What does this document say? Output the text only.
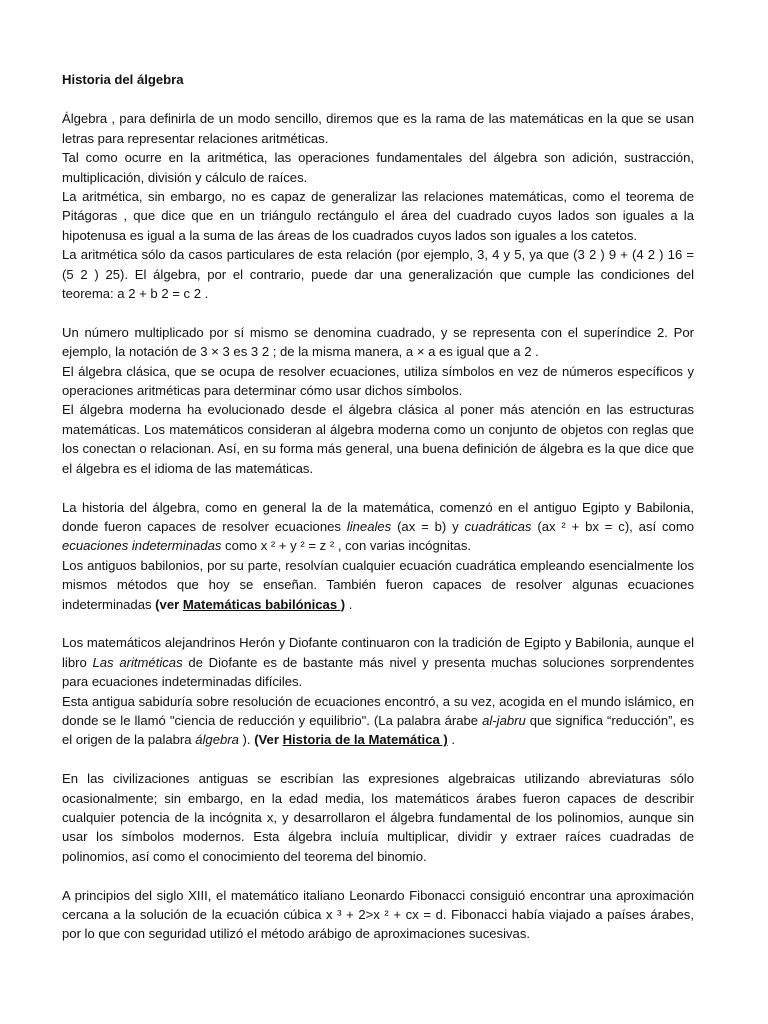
Historia del álgebra

Álgebra , para definirla de un modo sencillo, diremos que es la rama de las matemáticas en la que se usan letras para representar relaciones aritméticas.

Tal como ocurre en la aritmética, las operaciones fundamentales del álgebra son adición, sustracción, multiplicación, división y cálculo de raíces.

La aritmética, sin embargo, no es capaz de generalizar las relaciones matemáticas, como el teorema de Pitágoras , que dice que en un triángulo rectángulo el área del cuadrado cuyos lados son iguales a la hipotenusa es igual a la suma de las áreas de los cuadrados cuyos lados son iguales a los catetos.

La aritmética sólo da casos particulares de esta relación (por ejemplo, 3, 4 y 5, ya que (3 2 ) 9 + (4 2 ) 16 = (5 2 ) 25). El álgebra, por el contrario, puede dar una generalización que cumple las condiciones del teorema: a 2 + b 2 = c 2 .

Un número multiplicado por sí mismo se denomina cuadrado, y se representa con el superíndice 2. Por ejemplo, la notación de 3 × 3 es 3 2 ; de la misma manera, a × a es igual que a 2 .

El álgebra clásica, que se ocupa de resolver ecuaciones, utiliza símbolos en vez de números específicos y operaciones aritméticas para determinar cómo usar dichos símbolos.

El álgebra moderna ha evolucionado desde el álgebra clásica al poner más atención en las estructuras matemáticas. Los matemáticos consideran al álgebra moderna como un conjunto de objetos con reglas que los conectan o relacionan. Así, en su forma más general, una buena definición de álgebra es la que dice que el álgebra es el idioma de las matemáticas.

La historia del álgebra, como en general la de la matemática, comenzó en el antiguo Egipto y Babilonia, donde fueron capaces de resolver ecuaciones lineales (ax = b) y cuadráticas (ax ² + bx = c), así como ecuaciones indeterminadas como x ² + y ² = z ² , con varias incógnitas.

Los antiguos babilonios, por su parte, resolvían cualquier ecuación cuadrática empleando esencialmente los mismos métodos que hoy se enseñan. También fueron capaces de resolver algunas ecuaciones indeterminadas (ver Matemáticas babilónicas ) .

Los matemáticos alejandrinos Herón y Diofante continuaron con la tradición de Egipto y Babilonia, aunque el libro Las aritméticas de Diofante es de bastante más nivel y presenta muchas soluciones sorprendentes para ecuaciones indeterminadas difíciles.

Esta antigua sabiduría sobre resolución de ecuaciones encontró, a su vez, acogida en el mundo islámico, en donde se le llamó "ciencia de reducción y equilibrio". (La palabra árabe al-jabru que significa “reducción”, es el origen de la palabra álgebra ). (Ver Historia de la Matemática ) .

En las civilizaciones antiguas se escribían las expresiones algebraicas utilizando abreviaturas sólo ocasionalmente; sin embargo, en la edad media, los matemáticos árabes fueron capaces de describir cualquier potencia de la incógnita x, y desarrollaron el álgebra fundamental de los polinomios, aunque sin usar los símbolos modernos. Esta álgebra incluía multiplicar, dividir y extraer raíces cuadradas de polinomios, así como el conocimiento del teorema del binomio.

A principios del siglo XIII, el matemático italiano Leonardo Fibonacci consiguió encontrar una aproximación cercana a la solución de la ecuación cúbica x ³ + 2>x ² + cx = d. Fibonacci había viajado a países árabes, por lo que con seguridad utilizó el método arábigo de aproximaciones sucesivas.
